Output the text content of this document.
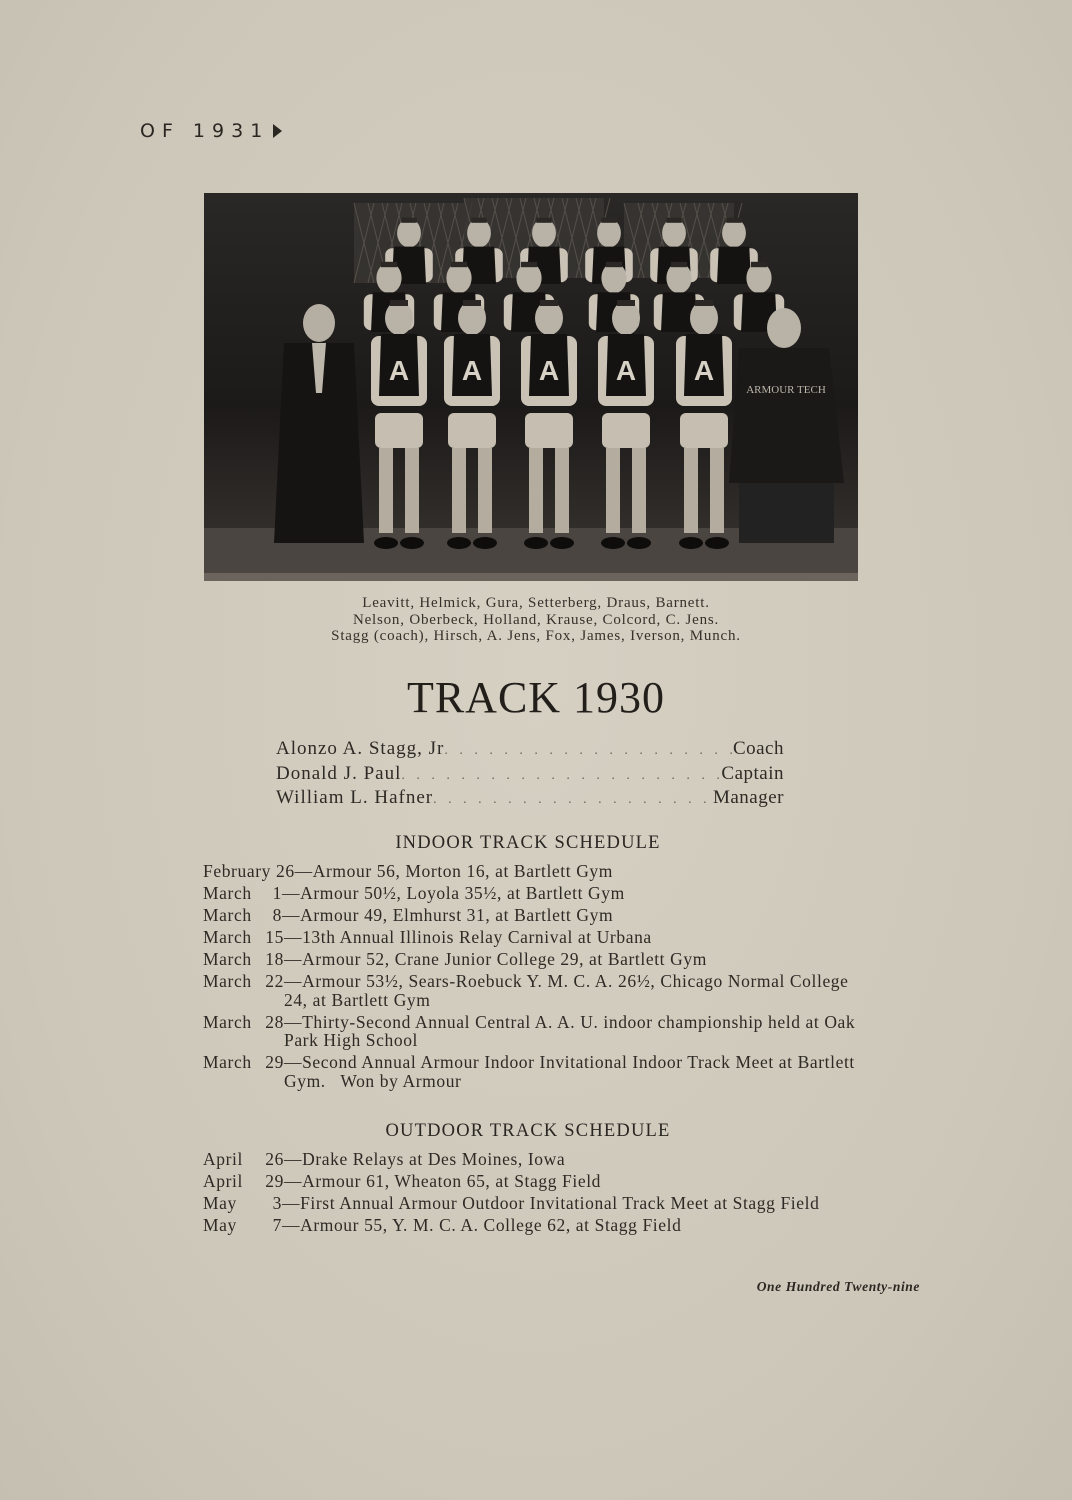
OF 1931
A A A A A
ARMOUR TECH
Leavitt, Helmick, Gura, Setterberg, Draus, Barnett.
Nelson, Oberbeck, Holland, Krause, Colcord, C. Jens.
Stagg (coach), Hirsch, A. Jens, Fox, James, Iverson, Munch.
TRACK 1930
Alonzo A. Stagg, Jr . . .	Coach
Donald J. Paul . . .	Captain
William L. Hafner . . .	Manager
INDOOR TRACK SCHEDULE
February 26 —Armour 56, Morton 16, at Bartlett Gym
March 1 —Armour 50½, Loyola 35½, at Bartlett Gym
March 8 —Armour 49, Elmhurst 31, at Bartlett Gym
March 15 —13th Annual Illinois Relay Carnival at Urbana
March 18 —Armour 52, Crane Junior College 29, at Bartlett Gym
March 22 —Armour 53½, Sears-Roebuck Y. M. C. A. 26½, Chicago Normal College
24, at Bartlett Gym
March 28 —Thirty-Second Annual Central A. A. U. indoor championship held at Oak
Park High School
March 29 —Second Annual Armour Indoor Invitational Indoor Track Meet at Bartlett
Gym.   Won by Armour
OUTDOOR TRACK SCHEDULE
April 26 —Drake Relays at Des Moines, Iowa
April 29 —Armour 61, Wheaton 65, at Stagg Field
May 3 —First Annual Armour Outdoor Invitational Track Meet at Stagg Field
May 7 —Armour 55, Y. M. C. A. College 62, at Stagg Field
One Hundred Twenty-nine
